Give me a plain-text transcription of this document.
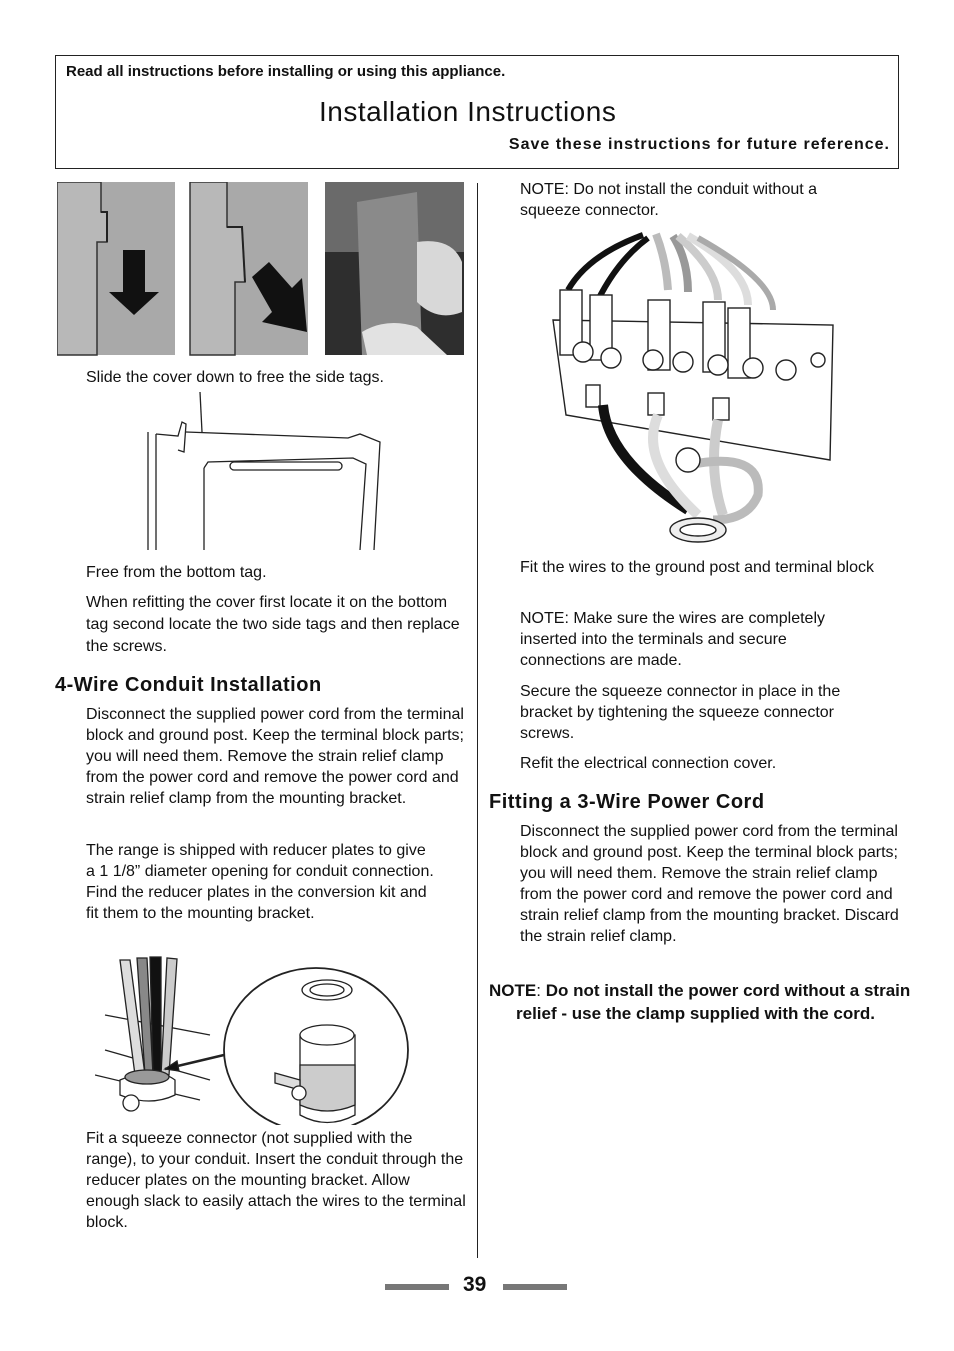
Read all instructions before installing or using this appliance.
Installation Instructions
Save these instructions for future reference.
Slide the cover down to free the side tags.
Free from the bottom tag.

When refitting the cover first locate it on the bottom tag second locate the two side tags and then replace the screws.

4-Wire Conduit Installation

Disconnect the supplied power cord from the terminal block and ground post. Keep the terminal block parts; you will need them. Remove the strain relief clamp from the power cord and remove the power cord and strain relief clamp from the mounting bracket.

The range is shipped with reducer plates to give a 1 1/8” diameter opening for conduit connection. Find the reducer plates in the conversion kit and fit them to the mounting bracket.

Fit a squeeze connector (not supplied with the range), to your conduit. Insert the conduit through the reducer plates on the mounting bracket. Allow enough slack to easily attach the wires to the terminal block.

NOTE: Do not install the conduit without a squeeze connector.

Fit the wires to the ground post and terminal block

NOTE: Make sure the wires are completely inserted into the terminals and secure connections are made.

Secure the squeeze connector in place in the bracket by tightening the squeeze connector screws.

Refit the electrical connection cover.

Fitting a 3-Wire Power Cord

Disconnect the supplied power cord from the terminal block and ground post. Keep the terminal block parts; you will need them. Remove the strain relief clamp from the power cord and remove the power cord and strain relief clamp from the mounting bracket. Discard the strain relief clamp.

NOTE: Do not install the power cord without a strain relief - use the clamp supplied with the cord.
39
